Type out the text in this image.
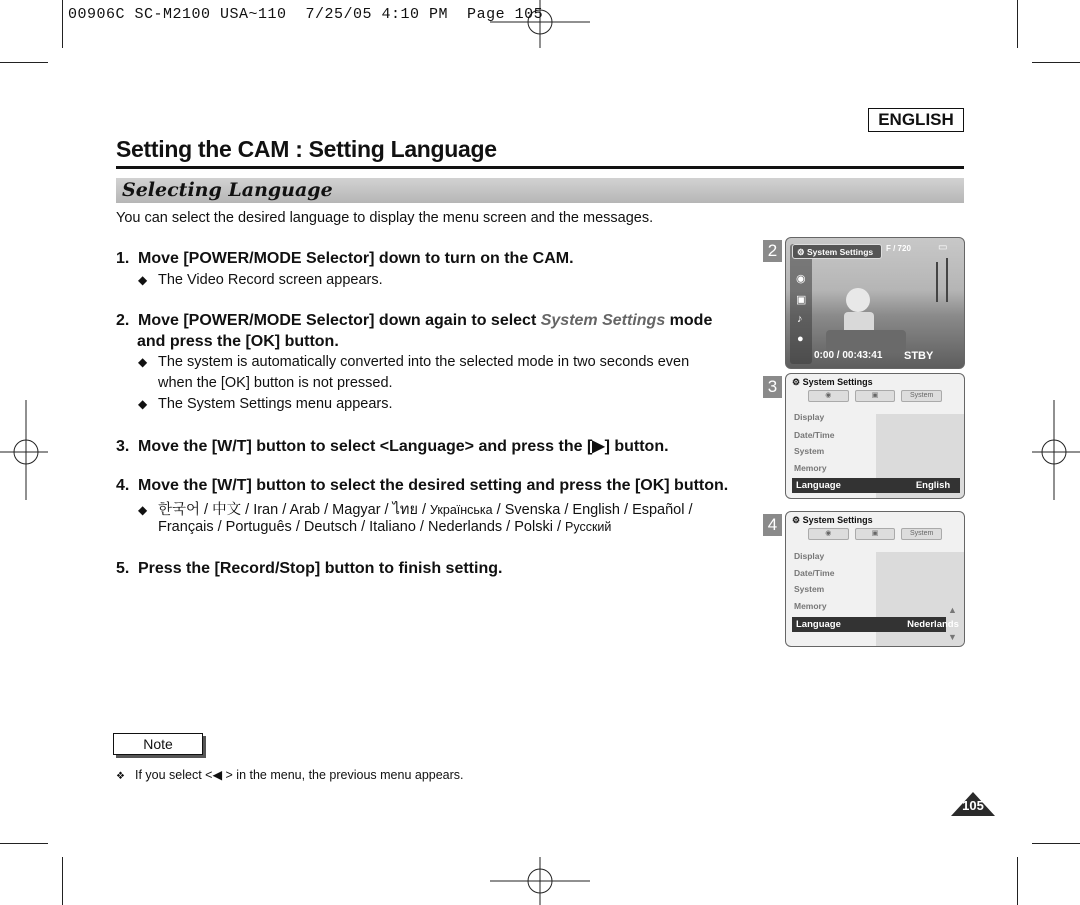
00906C SC-M2100 USA~110  7/25/05 4:10 PM  Page 105
ENGLISH
Setting the CAM : Setting Language
Selecting Language
You can select the desired language to display the menu screen and the messages.
1. Move [POWER/MODE Selector] down to turn on the CAM.
◆ The Video Record screen appears.
2. Move [POWER/MODE Selector] down again to select System Settings mode
and press the [OK] button.
◆ The system is automatically converted into the selected mode in two seconds even
when the [OK] button is not pressed.
◆ The System Settings menu appears.
3. Move the [W/T] button to select <Language> and press the [▶] button.
4. Move the [W/T] button to select the desired setting and press the [OK] button.
◆ 한국어 / 中文 / Iran / Arab / Magyar / ไทย / Українська / Svenska / English / Español /
Français / Português / Deutsch / Italiano / Nederlands / Polski / Русский
5. Press the [Record/Stop] button to finish setting.
Note
❖ If you select <◀ > in the menu, the previous menu appears.
105
2
◉
▣
♪
●
⚙ System Settings	F / 720	▭
0:00 / 00:43:41 STBY
3	⚙ System Settings
◉	▣	System
Display
Date/Time
System
Memory
Language	English
4	⚙ System Settings
◉	▣	System
Display
Date/Time
System
Memory	▲
Language	Nederlands
▼
